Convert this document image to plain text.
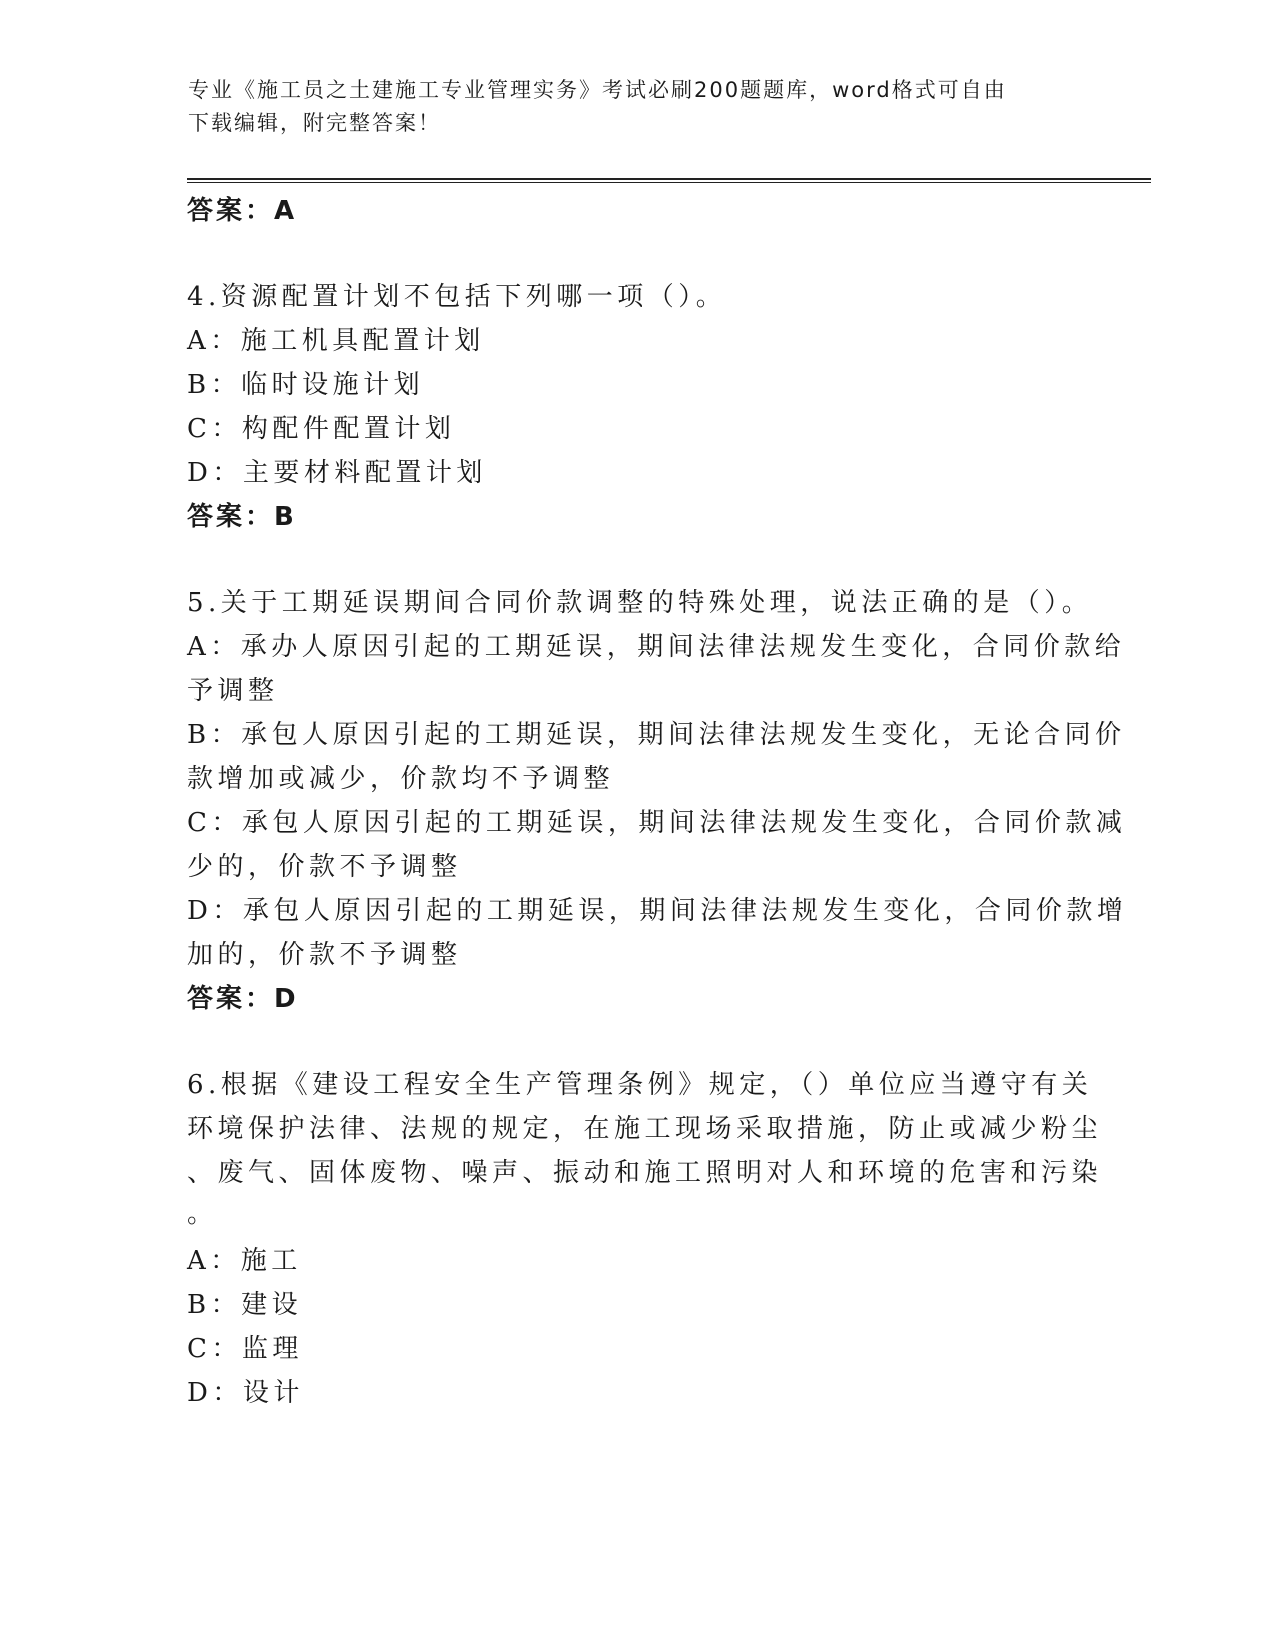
专业《施工员之土建施工专业管理实务》考试必刷200题题库，word格式可自由
下载编辑，附完整答案！
答案：A
4.资源配置计划不包括下列哪一项（）。
A：施工机具配置计划
B：临时设施计划
C：构配件配置计划
D：主要材料配置计划
答案：B
5.关于工期延误期间合同价款调整的特殊处理，说法正确的是（）。
A：承办人原因引起的工期延误，期间法律法规发生变化，合同价款给
予调整
B：承包人原因引起的工期延误，期间法律法规发生变化，无论合同价
款增加或减少，价款均不予调整
C：承包人原因引起的工期延误，期间法律法规发生变化，合同价款减
少的，价款不予调整
D：承包人原因引起的工期延误，期间法律法规发生变化，合同价款增
加的，价款不予调整
答案：D
6.根据《建设工程安全生产管理条例》规定，（）单位应当遵守有关
环境保护法律、法规的规定，在施工现场采取措施，防止或减少粉尘
、废气、固体废物、噪声、振动和施工照明对人和环境的危害和污染
。
A：施工
B：建设
C：监理
D：设计
